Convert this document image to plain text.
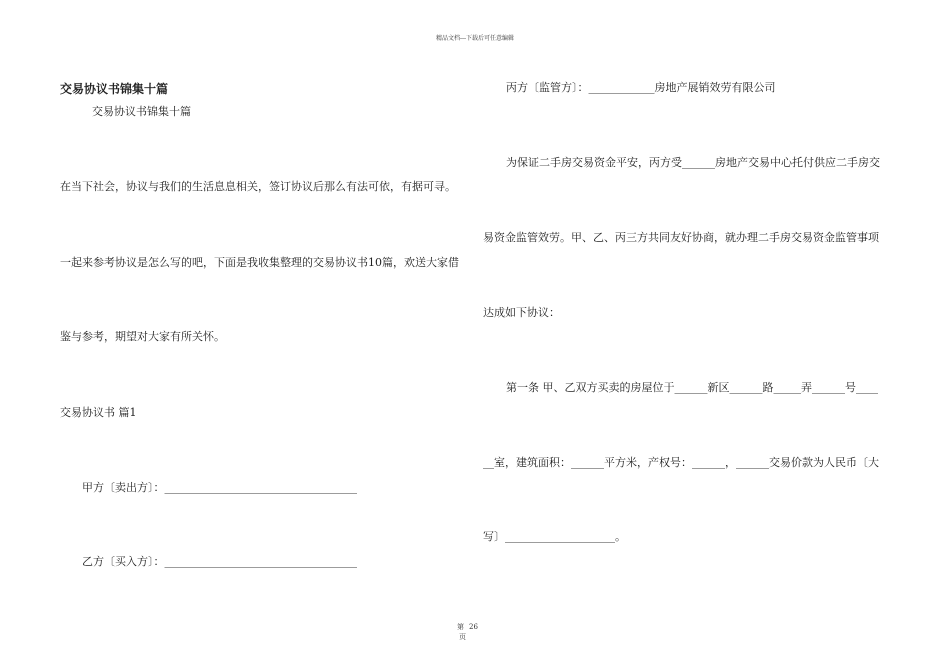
精品文档---下载后可任意编辑
交易协议书锦集十篇
交易协议书锦集十篇
在当下社会，协议与我们的生活息息相关，签订协议后那么有法可依，有据可寻。
一起来参考协议是怎么写的吧，下面是我收集整理的交易协议书10篇，欢送大家借
鉴与参考，期望对大家有所关怀。
交易协议书 篇1
甲方〔卖出方〕：___________________________________
乙方〔买入方〕：___________________________________
丙方〔监管方〕：____________房地产展销效劳有限公司
为保证二手房交易资金平安，丙方受______房地产交易中心托付供应二手房交
易资金监管效劳。甲、乙、丙三方共同友好协商，就办理二手房交易资金监管事项
达成如下协议：
第一条 甲、乙双方买卖的房屋位于______新区______路_____弄______号____
__室，建筑面积：______平方米，产权号：______，______交易价款为人民币〔大
写〕____________________。
第 26
页
